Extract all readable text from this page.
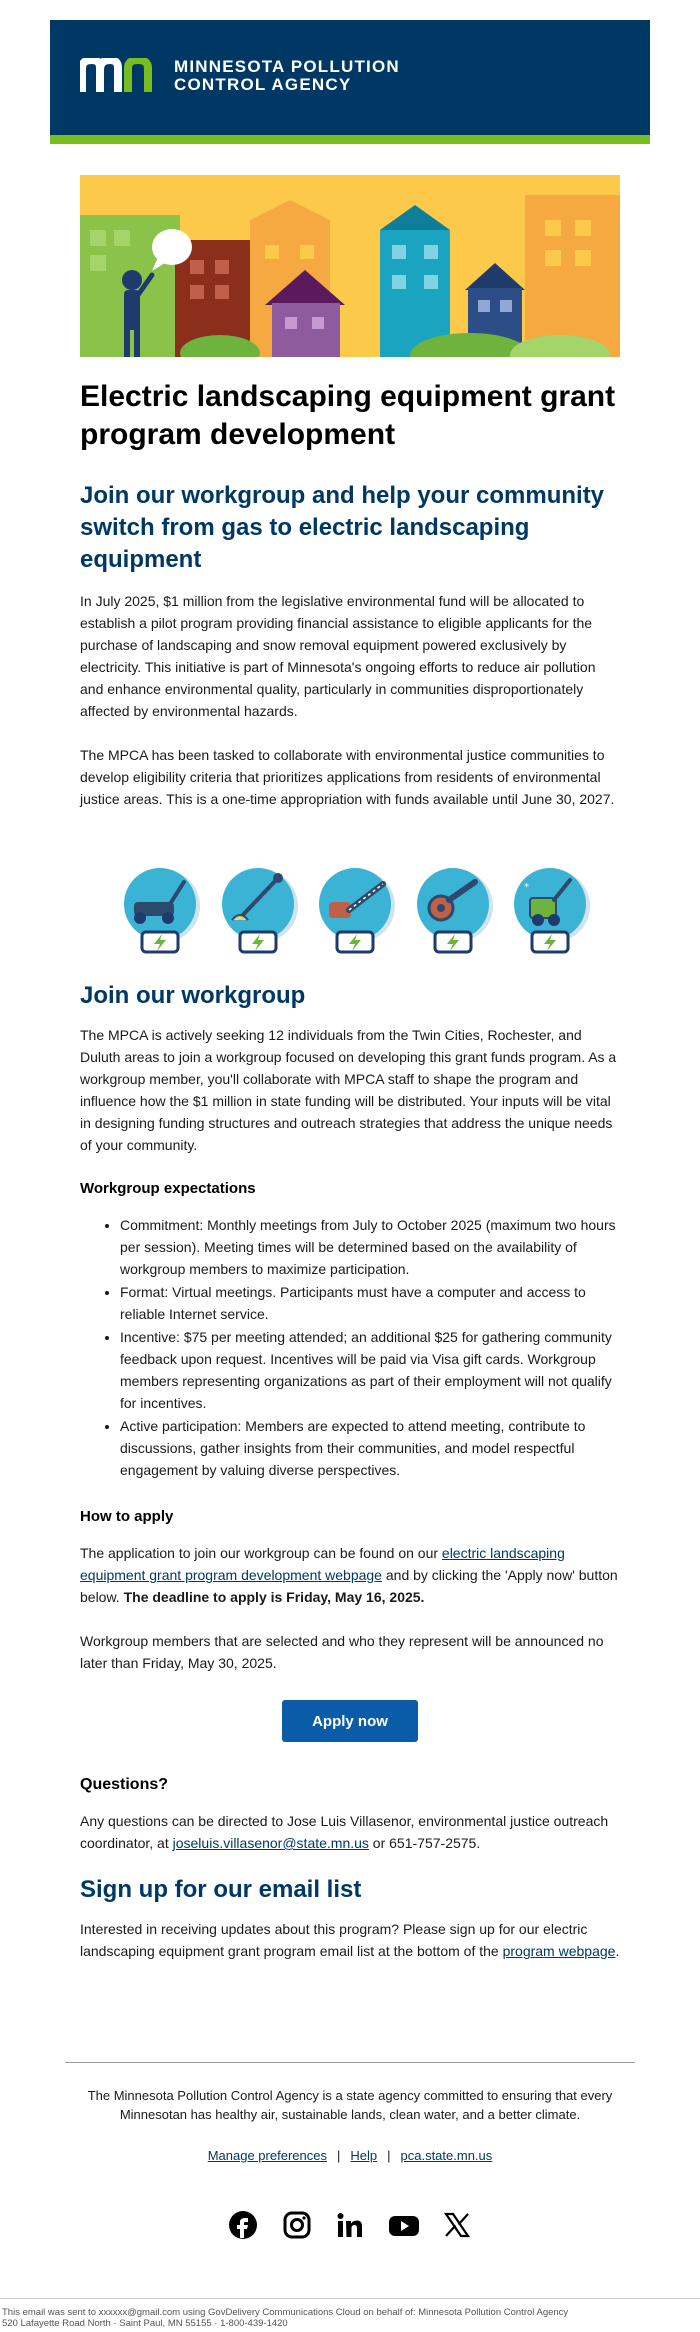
MINNESOTA POLLUTION
CONTROL AGENCY
Electric landscaping equipment grant program development
Join our workgroup and help your community switch from gas to electric landscaping equipment

In July 2025, $1 million from the legislative environmental fund will be allocated to establish a pilot program providing financial assistance to eligible applicants for the purchase of landscaping and snow removal equipment powered exclusively by electricity. This initiative is part of Minnesota's ongoing efforts to reduce air pollution and enhance environmental quality, particularly in communities disproportionately affected by environmental hazards.

The MPCA has been tasked to collaborate with environmental justice communities to develop eligibility criteria that prioritizes applications from residents of environmental justice areas. This is a one-time appropriation with funds available until June 30, 2027.

*
Join our workgroup

The MPCA is actively seeking 12 individuals from the Twin Cities, Rochester, and Duluth areas to join a workgroup focused on developing this grant funds program. As a workgroup member, you'll collaborate with MPCA staff to shape the program and influence how the $1 million in state funding will be distributed. Your inputs will be vital in designing funding structures and outreach strategies that address the unique needs of your community.

Workgroup expectations
• Commitment: Monthly meetings from July to October 2025 (maximum two hours per session). Meeting times will be determined based on the availability of workgroup members to maximize participation.
• Format: Virtual meetings. Participants must have a computer and access to reliable Internet service.
• Incentive: $75 per meeting attended; an additional $25 for gathering community feedback upon request. Incentives will be paid via Visa gift cards. Workgroup members representing organizations as part of their employment will not qualify for incentives.
• Active participation: Members are expected to attend meeting, contribute to discussions, gather insights from their communities, and model respectful engagement by valuing diverse perspectives.
How to apply

The application to join our workgroup can be found on our electric landscaping equipment grant program development webpage and by clicking the 'Apply now' button below. The deadline to apply is Friday, May 16, 2025.

Workgroup members that are selected and who they represent will be announced no later than Friday, May 30, 2025.

Apply now
Questions?

Any questions can be directed to Jose Luis Villasenor, environmental justice outreach coordinator, at joseluis.villasenor@state.mn.us or 651-757-2575.

Sign up for our email list

Interested in receiving updates about this program? Please sign up for our electric landscaping equipment grant program email list at the bottom of the program webpage.

The Minnesota Pollution Control Agency is a state agency committed to ensuring that every Minnesotan has healthy air, sustainable lands, clean water, and a better climate.
Manage preferences | Help | pca.state.mn.us
This email was sent to xxxxxx@gmail.com using GovDelivery Communications Cloud on behalf of: Minnesota Pollution Control Agency
520 Lafayette Road North · Saint Paul, MN 55155 · 1-800-439-1420
